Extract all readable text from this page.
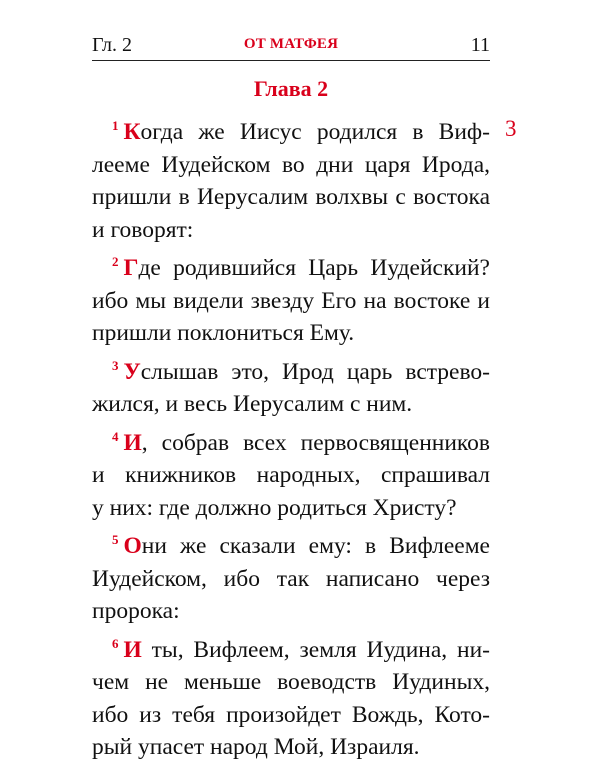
Гл. 2	ОТ МАТФЕЯ	11
Глава 2
3

$^1$ Когда же Иисус родился в Виф-
лееме Иудейском во дни царя Ирода,
пришли в Иерусалим волхвы с востока
и говорят:

$^2$ Где родившийся Царь Иудейский?
ибо мы видели звезду Его на востоке и
пришли поклониться Ему.

$^3$ Услышав это, Ирод царь встрево-
жился, и весь Иерусалим с ним.

$^4$ И, собрав всех первосвященников
и книжников народных, спрашивал
у них: где должно родиться Христу?

$^5$ Они же сказали ему: в Вифлееме
Иудейском, ибо так написано через
пророка:

$^6$ И ты, Вифлеем, земля Иудина, ни-
чем не меньше воеводств Иудиных,
ибо из тебя произойдет Вождь, Кото-
рый упасет народ Мой, Израиля.
